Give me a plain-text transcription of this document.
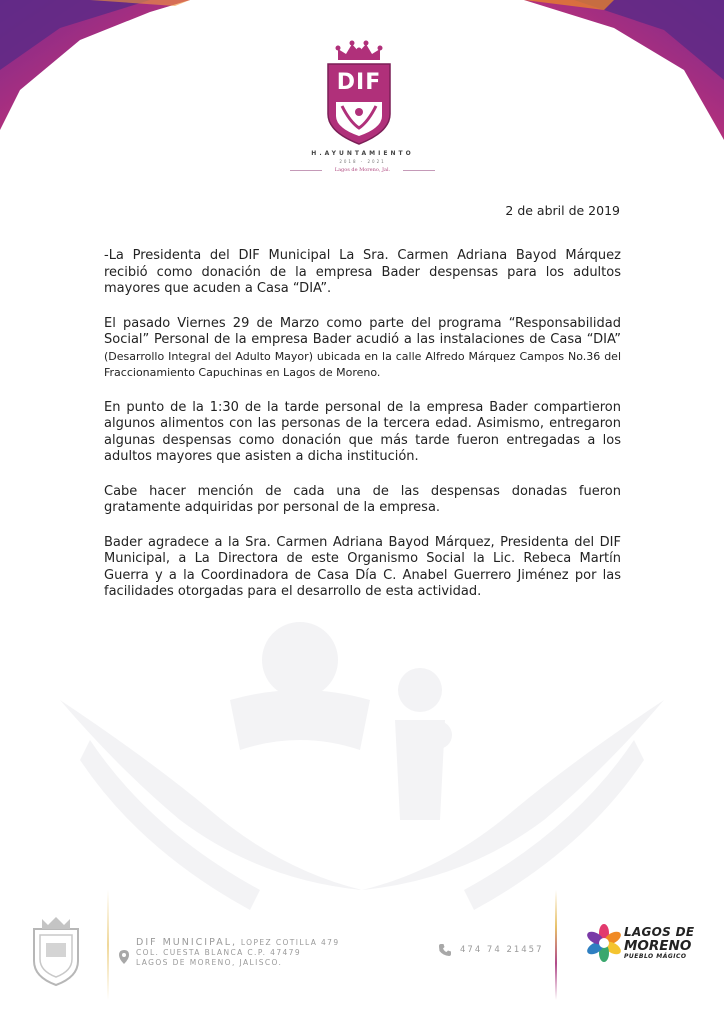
DIF
H.AYUNTAMIENTO
2018 - 2021
Lagos de Moreno, Jal.
2 de abril de 2019

-La Presidenta del DIF Municipal La Sra. Carmen Adriana Bayod Márquez recibió como donación de la empresa Bader despensas para los adultos mayores que acuden a Casa “DIA”.

El pasado Viernes 29 de Marzo como parte del programa “Responsabilidad Social” Personal de la empresa Bader acudió a las instalaciones de Casa “DIA” (Desarrollo Integral del Adulto Mayor) ubicada en la calle Alfredo Márquez Campos No.36 del Fraccionamiento Capuchinas en Lagos de Moreno.

En punto de la 1:30 de la tarde personal de la empresa Bader compartieron algunos alimentos con las personas de la tercera edad. Asimismo, entregaron algunas despensas como donación que más tarde fueron entregadas a los adultos mayores que asisten a dicha institución.

Cabe hacer mención de cada una de las despensas donadas fueron gratamente adquiridas por personal de la empresa.

Bader agradece a la Sra. Carmen Adriana Bayod Márquez, Presidenta del DIF Municipal, a La Directora de este Organismo Social la Lic. Rebeca Martín Guerra y a la Coordinadora de Casa Día C. Anabel Guerrero Jiménez por las facilidades otorgadas para el desarrollo de esta actividad.

DIF MUNICIPAL, LOPEZ COTILLA 479
COL. CUESTA BLANCA C.P. 47479
LAGOS DE MORENO, JALISCO.
474 74 21457
LAGOS DE
MORENO
PUEBLO MÁGICO
